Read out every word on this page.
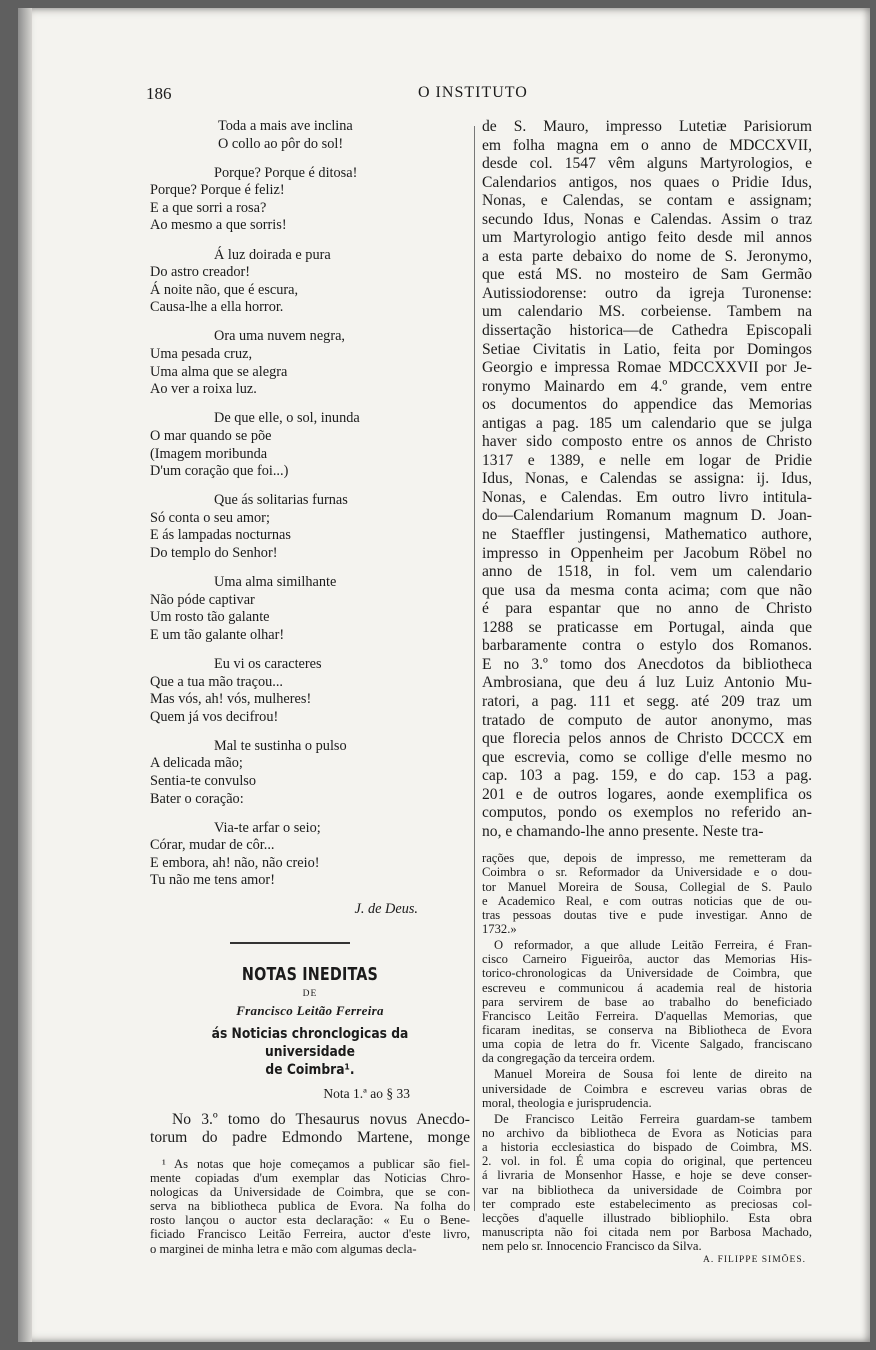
186	O INSTITUTO
Toda a mais ave inclina
O collo ao pôr do sol!
Porque? Porque é ditosa!
Porque? Porque é feliz!
E a que sorri a rosa?
Ao mesmo a que sorris!
Á luz doirada e pura
Do astro creador!
Á noite não, que é escura,
Causa-lhe a ella horror.
Ora uma nuvem negra,
Uma pesada cruz,
Uma alma que se alegra
Ao ver a roixa luz.
De que elle, o sol, inunda
O mar quando se põe
(Imagem moribunda
D'um coração que foi...)
Que ás solitarias furnas
Só conta o seu amor;
E ás lampadas nocturnas
Do templo do Senhor!
Uma alma similhante
Não póde captivar
Um rosto tão galante
E um tão galante olhar!
Eu vi os caracteres
Que a tua mão traçou...
Mas vós, ah! vós, mulheres!
Quem já vos decifrou!
Mal te sustinha o pulso
A delicada mão;
Sentia-te convulso
Bater o coração:
Via-te arfar o seio;
Córar, mudar de côr...
E embora, ah! não, não creio!
Tu não me tens amor!
J. de Deus.
NOTAS INEDITAS
DE
Francisco Leitão Ferreira
ás Noticias chronclogicas da universidade
de Coimbra¹.
Nota 1.ª ao § 33
No 3.º tomo do Thesaurus novus Anecdo-
torum do padre Edmondo Martene, monge
¹ As notas que hoje começamos a publicar são fiel-
mente copiadas d'um exemplar das Noticias Chro-
nologicas da Universidade de Coimbra, que se con-
serva na bibliotheca publica de Evora. Na folha do
rosto lançou o auctor esta declaração: « Eu o Bene-
ficiado Francisco Leitão Ferreira, auctor d'este livro,
o marginei de minha letra e mão com algumas decla-
de S. Mauro, impresso Lutetiæ Parisiorum
em folha magna em o anno de MDCCXVII,
desde col. 1547 vêm alguns Martyrologios, e
Calendarios antigos, nos quaes o Pridie Idus,
Nonas, e Calendas, se contam e assignam;
secundo Idus, Nonas e Calendas. Assim o traz
um Martyrologio antigo feito desde mil annos
a esta parte debaixo do nome de S. Jeronymo,
que está MS. no mosteiro de Sam Germão
Autissiodorense: outro da igreja Turonense:
um calendario MS. corbeiense. Tambem na
dissertação historica—de Cathedra Episcopali
Setiae Civitatis in Latio, feita por Domingos
Georgio e impressa Romae MDCCXXVII por Je-
ronymo Mainardo em 4.º grande, vem entre
os documentos do appendice das Memorias
antigas a pag. 185 um calendario que se julga
haver sido composto entre os annos de Christo
1317 e 1389, e nelle em logar de Pridie
Idus, Nonas, e Calendas se assigna: ij. Idus,
Nonas, e Calendas. Em outro livro intitula-
do—Calendarium Romanum magnum D. Joan-
ne Staeffler justingensi, Mathematico authore,
impresso in Oppenheim per Jacobum Röbel no
anno de 1518, in fol. vem um calendario
que usa da mesma conta acima; com que não
é para espantar que no anno de Christo
1288 se praticasse em Portugal, ainda que
barbaramente contra o estylo dos Romanos.
E no 3.º tomo dos Anecdotos da bibliotheca
Ambrosiana, que deu á luz Luiz Antonio Mu-
ratori, a pag. 111 et segg. até 209 traz um
tratado de computo de autor anonymo, mas
que florecia pelos annos de Christo DCCCX em
que escrevia, como se collige d'elle mesmo no
cap. 103 a pag. 159, e do cap. 153 a pag.
201 e de outros logares, aonde exemplifica os
computos, pondo os exemplos no referido an-
no, e chamando-lhe anno presente. Neste tra-
rações que, depois de impresso, me remetteram da
Coimbra o sr. Reformador da Universidade e o dou-
tor Manuel Moreira de Sousa, Collegial de S. Paulo
e Academico Real, e com outras noticias que de ou-
tras pessoas doutas tive e pude investigar. Anno de
1732.»
O reformador, a que allude Leitão Ferreira, é Fran-
cisco Carneiro Figueirôa, auctor das Memorias His-
torico-chronologicas da Universidade de Coimbra, que
escreveu e communicou á academia real de historia
para servirem de base ao trabalho do beneficiado
Francisco Leitão Ferreira. D'aquellas Memorias, que
ficaram ineditas, se conserva na Bibliotheca de Evora
uma copia de letra do fr. Vicente Salgado, franciscano
da congregação da terceira ordem.
Manuel Moreira de Sousa foi lente de direito na
universidade de Coimbra e escreveu varias obras de
moral, theologia e jurisprudencia.
De Francisco Leitão Ferreira guardam-se tambem
no archivo da bibliotheca de Evora as Noticias para
a historia ecclesiastica do bispado de Coimbra, MS.
2. vol. in fol. É uma copia do original, que pertenceu
á livraria de Monsenhor Hasse, e hoje se deve conser-
var na bibliotheca da universidade de Coimbra por
ter comprado este estabelecimento as preciosas col-
lecções d'aquelle illustrado bibliophilo. Esta obra
manuscripta não foi citada nem por Barbosa Machado,
nem pelo sr. Innocencio Francisco da Silva.
A. FILIPPE SIMÕES.
